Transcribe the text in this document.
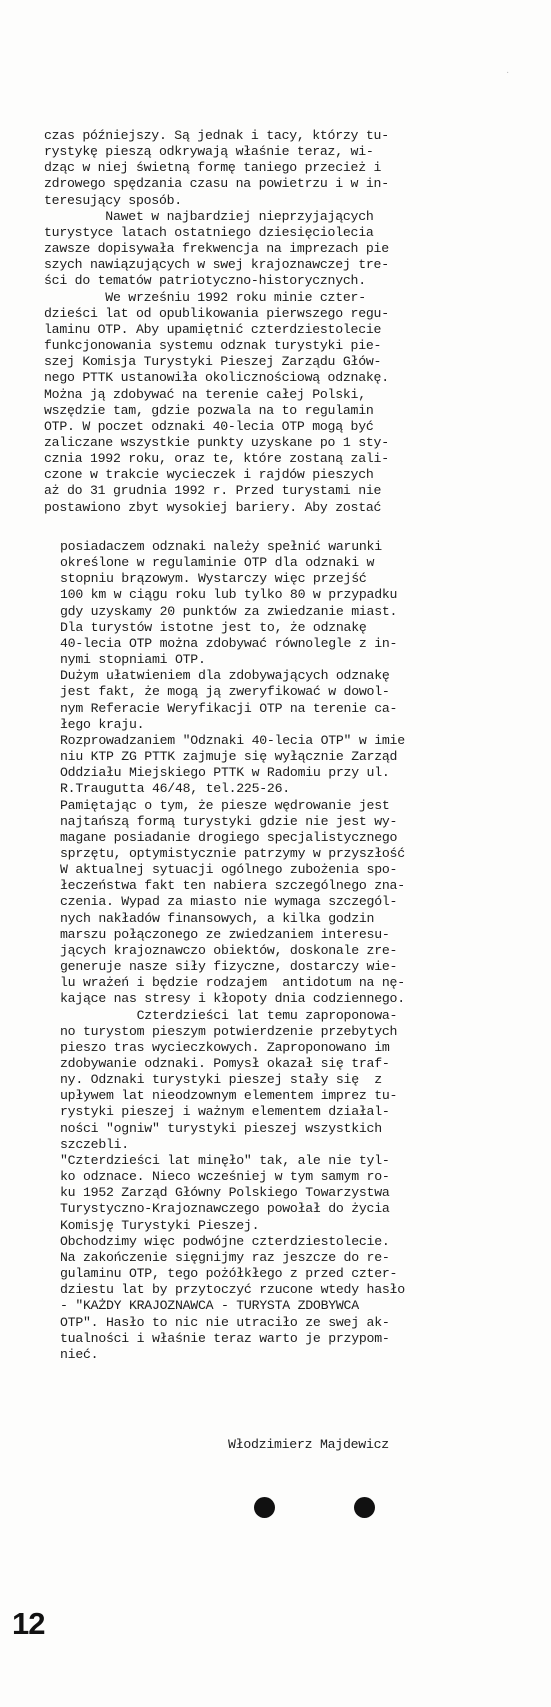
·
czas późniejszy. Są jednak i tacy, którzy tu-
rystykę pieszą odkrywają właśnie teraz, wi-
dząc w niej świetną formę taniego przecież i
zdrowego spędzania czasu na powietrzu i w in-
teresujący sposób.
Nawet w najbardziej nieprzyjających
turystyce latach ostatniego dziesięciolecia
zawsze dopisywała frekwencja na imprezach pie
szych nawiązujących w swej krajoznawczej tre-
ści do tematów patriotyczno-historycznych.
We wrześniu 1992 roku minie czter-
dzieści lat od opublikowania pierwszego regu-
laminu OTP. Aby upamiętnić czterdziestolecie
funkcjonowania systemu odznak turystyki pie-
szej Komisja Turystyki Pieszej Zarządu Głów-
nego PTTK ustanowiła okolicznościową odznakę.
Można ją zdobywać na terenie całej Polski,
wszędzie tam, gdzie pozwala na to regulamin
OTP. W poczet odznaki 40-lecia OTP mogą być
zaliczane wszystkie punkty uzyskane po 1 sty-
cznia 1992 roku, oraz te, które zostaną zali-
czone w trakcie wycieczek i rajdów pieszych
aż do 31 grudnia 1992 r. Przed turystami nie
postawiono zbyt wysokiej bariery. Aby zostać
posiadaczem odznaki należy spełnić warunki
określone w regulaminie OTP dla odznaki w
stopniu brązowym. Wystarczy więc przejść
100 km w ciągu roku lub tylko 80 w przypadku
gdy uzyskamy 20 punktów za zwiedzanie miast.
Dla turystów istotne jest to, że odznakę
40-lecia OTP można zdobywać równolegle z in-
nymi stopniami OTP.
Dużym ułatwieniem dla zdobywających odznakę
jest fakt, że mogą ją zweryfikować w dowol-
nym Referacie Weryfikacji OTP na terenie ca-
łego kraju.
Rozprowadzaniem "Odznaki 40-lecia OTP" w imie
niu KTP ZG PTTK zajmuje się wyłącznie Zarząd
Oddziału Miejskiego PTTK w Radomiu przy ul.
R.Traugutta 46/48, tel.225-26.
Pamiętając o tym, że piesze wędrowanie jest
najtańszą formą turystyki gdzie nie jest wy-
magane posiadanie drogiego specjalistycznego
sprzętu, optymistycznie patrzymy w przyszłość
W aktualnej sytuacji ogólnego zubożenia spo-
łeczeństwa fakt ten nabiera szczególnego zna-
czenia. Wypad za miasto nie wymaga szczegól-
nych nakładów finansowych, a kilka godzin
marszu połączonego ze zwiedzaniem interesu-
jących krajoznawczo obiektów, doskonale zre-
generuje nasze siły fizyczne, dostarczy wie-
lu wrażeń i będzie rodzajem  antidotum na nę-
kające nas stresy i kłopoty dnia codziennego.
Czterdzieści lat temu zaproponowa-
no turystom pieszym potwierdzenie przebytych
pieszo tras wycieczkowych. Zaproponowano im
zdobywanie odznaki. Pomysł okazał się traf-
ny. Odznaki turystyki pieszej stały się  z
upływem lat nieodzownym elementem imprez tu-
rystyki pieszej i ważnym elementem działal-
ności "ogniw" turystyki pieszej wszystkich
szczebli.
"Czterdzieści lat minęło" tak, ale nie tyl-
ko odznace. Nieco wcześniej w tym samym ro-
ku 1952 Zarząd Główny Polskiego Towarzystwa
Turystyczno-Krajoznawczego powołał do życia
Komisję Turystyki Pieszej.
Obchodzimy więc podwójne czterdziestolecie.
Na zakończenie sięgnijmy raz jeszcze do re-
gulaminu OTP, tego pożółkłego z przed czter-
dziestu lat by przytoczyć rzucone wtedy hasło
- "KAŻDY KRAJOZNAWCA - TURYSTA ZDOBYWCA
OTP". Hasło to nic nie utraciło ze swej ak-
tualności i właśnie teraz warto je przypom-
nieć.
Włodzimierz Majdewicz
12
